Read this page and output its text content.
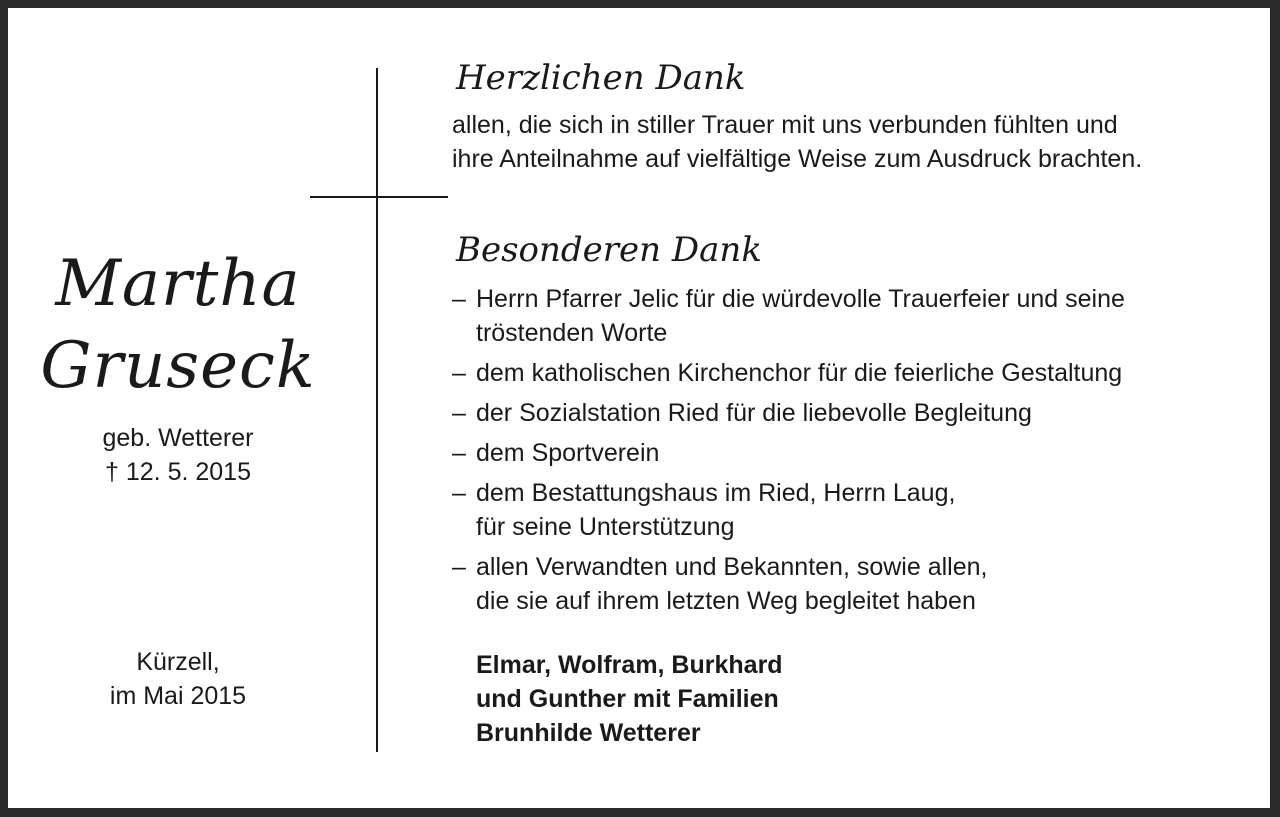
Martha
Gruseck
geb. Wetterer
† 12. 5. 2015
Kürzell,
im Mai 2015
Herzlichen Dank
allen, die sich in stiller Trauer mit uns verbunden fühlten und
ihre Anteilnahme auf vielfältige Weise zum Ausdruck brachten.
Besonderen Dank
– Herrn Pfarrer Jelic für die würdevolle Trauerfeier und seine
tröstenden Worte
– dem katholischen Kirchenchor für die feierliche Gestaltung
– der Sozialstation Ried für die liebevolle Begleitung
– dem Sportverein
– dem Bestattungshaus im Ried, Herrn Laug,
für seine Unterstützung
– allen Verwandten und Bekannten, sowie allen,
die sie auf ihrem letzten Weg begleitet haben
Elmar, Wolfram, Burkhard
und Gunther mit Familien
Brunhilde Wetterer
